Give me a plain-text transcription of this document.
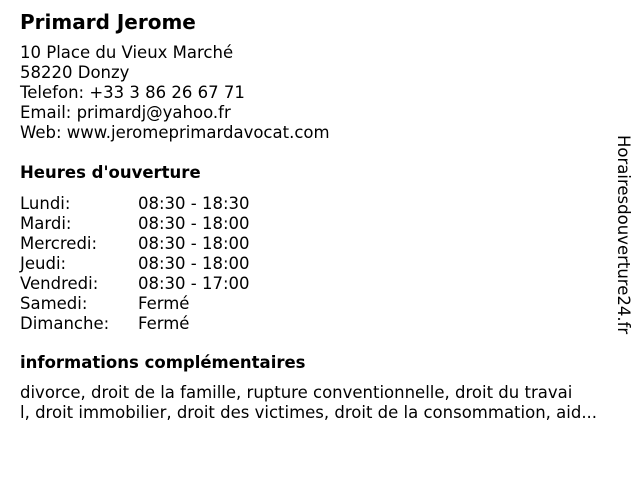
Primard Jerome
10 Place du Vieux Marché
58220 Donzy
Telefon: +33 3 86 26 67 71
Email: primardj@yahoo.fr
Web: www.jeromeprimardavocat.com
Heures d'ouverture
Lundi:	08:30 - 18:30
Mardi:	08:30 - 18:00
Mercredi: 08:30 - 18:00
Jeudi:	08:30 - 18:00
Vendredi: 08:30 - 17:00
Samedi:	Fermé
Dimanche: Fermé
informations complémentaires
divorce, droit de la famille, rupture conventionnelle, droit du travai
l, droit immobilier, droit des victimes, droit de la consommation, aid...
Horairesdouverture24.fr
